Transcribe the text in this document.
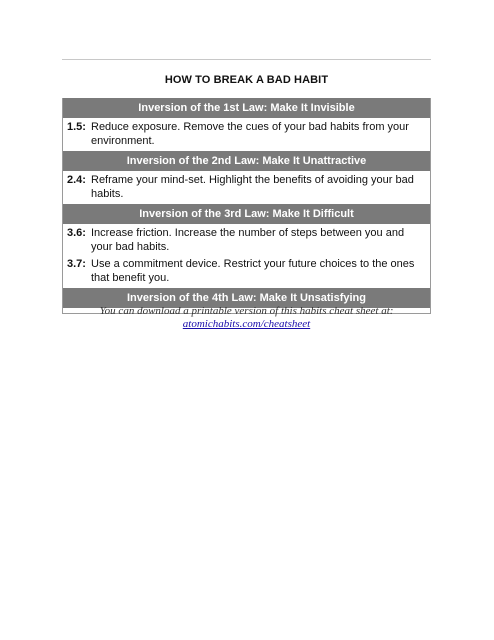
HOW TO BREAK A BAD HABIT
Inversion of the 1st Law: Make It Invisible
1.5: Reduce exposure. Remove the cues of your bad habits from your environment.
Inversion of the 2nd Law: Make It Unattractive
2.4: Reframe your mind-set. Highlight the benefits of avoiding your bad habits.
Inversion of the 3rd Law: Make It Difficult
3.6: Increase friction. Increase the number of steps between you and your bad habits.
3.7: Use a commitment device. Restrict your future choices to the ones that benefit you.
Inversion of the 4th Law: Make It Unsatisfying
You can download a printable version of this habits cheat sheet at:
atomichabits.com/cheatsheet
